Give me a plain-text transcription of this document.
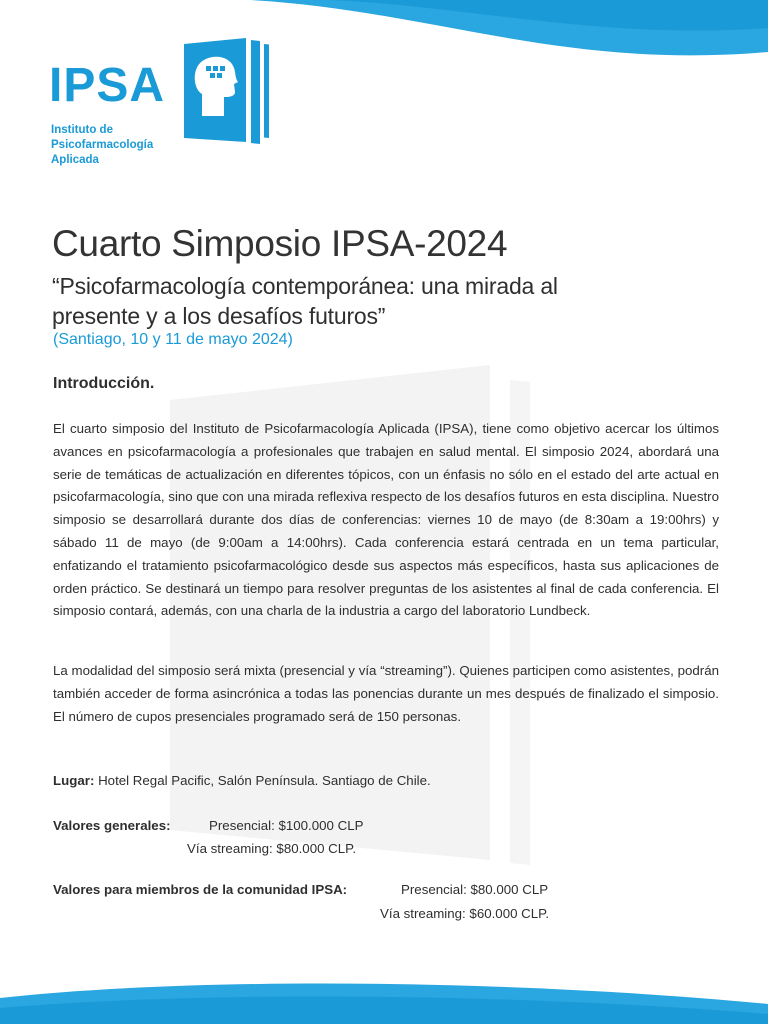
IPSA
Instituto de
Psicofarmacología
Aplicada
Cuarto Simposio IPSA-2024
“Psicofarmacología contemporánea: una mirada al
presente y a los desafíos futuros”
(Santiago, 10 y 11 de mayo 2024)
Introducción.

El cuarto simposio del Instituto de Psicofarmacología Aplicada (IPSA), tiene como objetivo acercar los últimos avances en psicofarmacología a profesionales que trabajen en salud mental. El simposio 2024, abordará una serie de temáticas de actualización en diferentes tópicos, con un énfasis no sólo en el estado del arte actual en psicofarmacología, sino que con una mirada reflexiva respecto de los desafíos futuros en esta disciplina. Nuestro simposio se desarrollará durante dos días de conferencias: viernes 10 de mayo (de 8:30am a 19:00hrs) y sábado 11 de mayo (de 9:00am a 14:00hrs). Cada conferencia estará centrada en un tema particular, enfatizando el tratamiento psicofarmacológico desde sus aspectos más específicos, hasta sus aplicaciones de orden práctico. Se destinará un tiempo para resolver preguntas de los asistentes al final de cada conferencia. El simposio contará, además, con una charla de la industria a cargo del laboratorio Lundbeck.

La modalidad del simposio será mixta (presencial y vía “streaming”). Quienes participen como asistentes, podrán también acceder de forma asincrónica a todas las ponencias durante un mes después de finalizado el simposio. El número de cupos presenciales programado será de 150 personas.

Lugar: Hotel Regal Pacific, Salón Península. Santiago de Chile.
Valores generales:	Presencial: $100.000 CLP
Vía streaming: $80.000 CLP.
Valores para miembros de la comunidad IPSA:	Presencial: $80.000 CLP
Vía streaming: $60.000 CLP.
